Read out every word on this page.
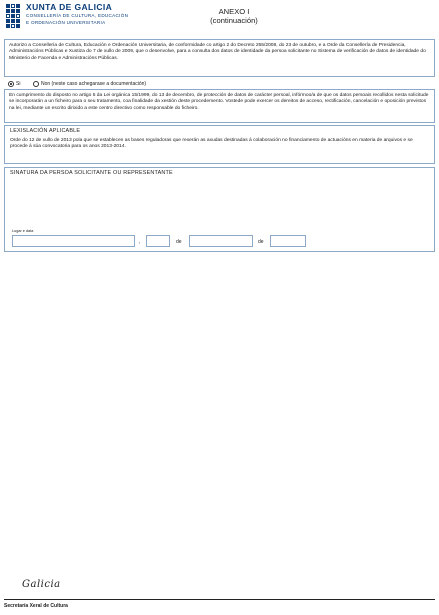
XUNTA DE GALICIA
CONSELLERÍA DE CULTURA, EDUCACIÓN
E ORDENACIÓN UNIVERSITARIA
ANEXO I
(continuación)
Autorizo a Consellería de Cultura, Educación e Ordenación Universitaria, de conformidade co artigo 2 do Decreto 255/2008, do 23 de outubro, e a Orde da Consellería de Presidencia, Administracións Públicas e Xustiza do 7 de xullo de 2009, que o desenvolve, para a consulta dos datos de identidade da persoa solicitante no Sistema de verificación de datos de identidade do Ministerio de Facenda e Administracións Públicas.
Si	Non (neste caso achegarase a documentación)
En cumprimento do disposto no artigo 5 da Lei orgánica 15/1999, do 13 de decembro, de protección de datos de carácter persoal, infórmoo/a de que os datos persoais recollidos nesta solicitude se incorporarán a un ficheiro para o seu tratamento, coa finalidade da xestión deste procedemento. Vostede pode exercer os dereitos de acceso, rectificación, cancelación e oposición previstos na lei, mediante un escrito dirixido a este centro directivo como responsable do ficheiro.
LEXISLACIÓN APLICABLE
Orde do 12 de xullo de 2013 pola que se establecen as bases reguladoras que rexerán as axudas destinadas á colaboración no financiamento de actuacións en materia de arquivos e se procede á súa convocatoria para os anos 2013-2014.
SINATURA DA PERSOA SOLICITANTE OU REPRESENTANTE
Lugar e data
,	de	de
Galicia
Secretaría Xeral de Cultura
